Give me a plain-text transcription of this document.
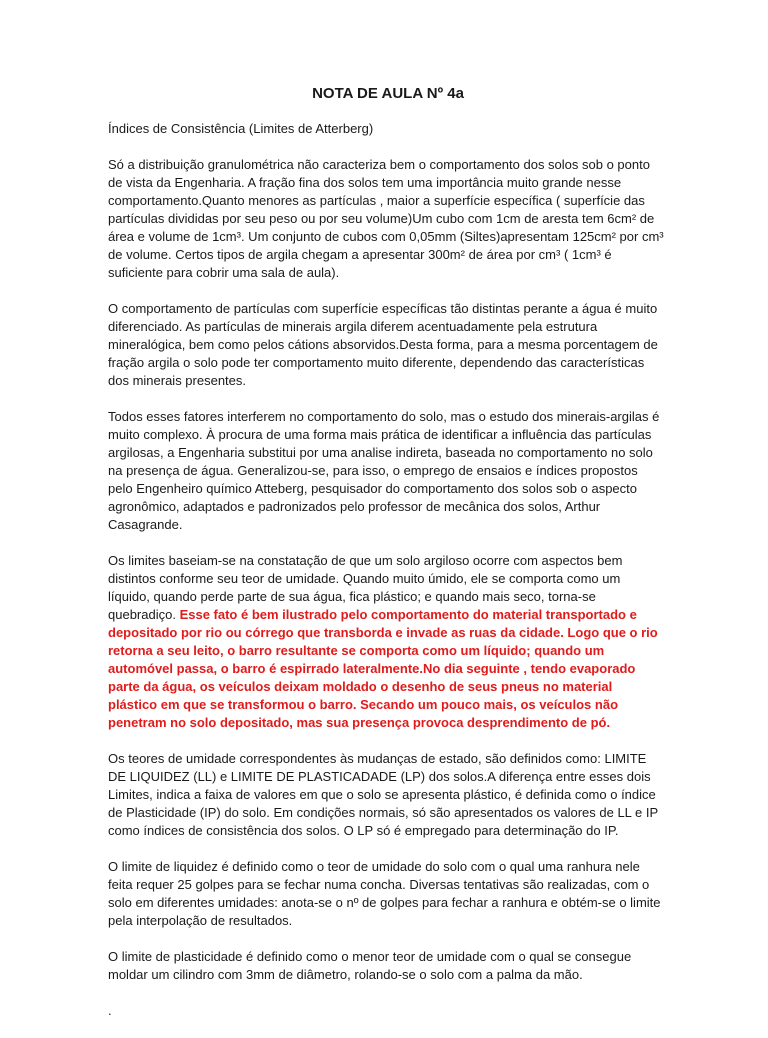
NOTA DE AULA Nº 4a

Índices de Consistência (Limites de Atterberg)

Só a distribuição granulométrica não caracteriza bem o comportamento dos solos sob o ponto de vista da Engenharia. A fração fina dos solos tem uma importância muito grande nesse comportamento.Quanto menores as partículas , maior a superfície específica ( superfície das partículas divididas por seu peso ou por seu volume)Um cubo com 1cm de aresta tem 6cm² de área e volume de 1cm³. Um conjunto de cubos com 0,05mm (Siltes)apresentam 125cm² por cm³ de volume. Certos tipos de argila chegam a apresentar 300m² de área por cm³ ( 1cm³ é suficiente para cobrir uma sala de aula).

O comportamento de partículas com superfície específicas tão distintas perante a água é muito diferenciado. As partículas de minerais argila diferem acentuadamente pela estrutura mineralógica, bem como pelos cátions absorvidos.Desta forma, para a mesma porcentagem de fração argila o solo pode ter comportamento muito diferente, dependendo das características dos minerais presentes.

Todos esses fatores interferem no comportamento do solo, mas o estudo dos minerais-argilas é muito complexo. À procura de uma forma mais prática de identificar a influência das partículas argilosas, a Engenharia substitui por uma analise indireta, baseada no comportamento no solo na presença de água. Generalizou-se, para isso, o emprego de ensaios e índices propostos pelo Engenheiro químico Atteberg, pesquisador do comportamento dos solos sob o aspecto agronômico, adaptados e padronizados pelo professor de mecânica dos solos, Arthur Casagrande.

Os limites baseiam-se na constatação de que um solo argiloso ocorre com aspectos bem distintos conforme seu teor de umidade. Quando muito úmido, ele se comporta como um líquido, quando perde parte de sua água, fica plástico; e quando mais seco, torna-se quebradiço. Esse fato é bem ilustrado pelo comportamento do material transportado e depositado por rio ou córrego que transborda e invade as ruas da cidade. Logo que o rio retorna a seu leito, o barro resultante se comporta como um líquido; quando um automóvel passa, o barro é espirrado lateralmente.No dia seguinte , tendo evaporado parte da água, os veículos deixam moldado o desenho de seus pneus no material plástico em que se transformou o barro. Secando um pouco mais, os veículos não penetram no solo depositado, mas sua presença provoca desprendimento de pó.

Os teores de umidade correspondentes às mudanças de estado, são definidos como: LIMITE DE LIQUIDEZ (LL) e LIMITE DE PLASTICADADE (LP) dos solos.A diferença entre esses dois Limites, indica a faixa de valores em que o solo se apresenta plástico, é definida como o índice de Plasticidade (IP) do solo. Em condições normais, só são apresentados os valores de LL e IP como índices de consistência dos solos. O LP só é empregado para determinação do IP.

O limite de liquidez é definido como o teor de umidade do solo com o qual uma ranhura nele feita requer 25 golpes para se fechar numa concha. Diversas tentativas são realizadas, com o solo em diferentes umidades: anota-se o nº de golpes para fechar a ranhura e obtém-se o limite pela interpolação de resultados.

O limite de plasticidade é definido como o menor teor de umidade com o qual se consegue moldar um cilindro com 3mm de diâmetro, rolando-se o solo com a palma da mão.

.
